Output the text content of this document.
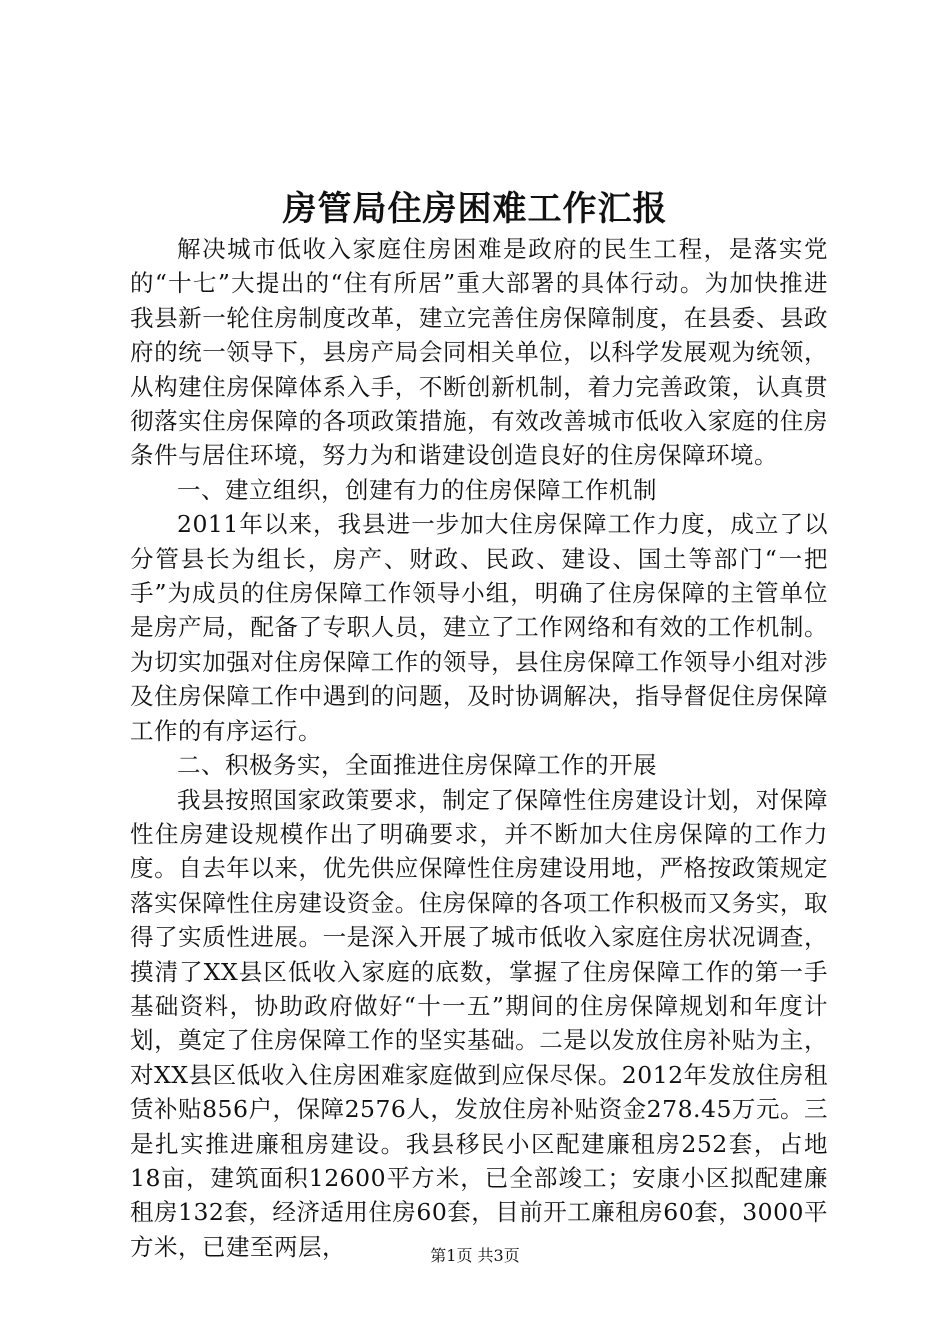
房管局住房困难工作汇报

解决城市低收入家庭住房困难是政府的民生工程，是落实党的“十七”大提出的“住有所居”重大部署的具体行动。为加快推进我县新一轮住房制度改革，建立完善住房保障制度，在县委、县政府的统一领导下，县房产局会同相关单位，以科学发展观为统领，从构建住房保障体系入手，不断创新机制，着力完善政策，认真贯彻落实住房保障的各项政策措施，有效改善城市低收入家庭的住房条件与居住环境，努力为和谐建设创造良好的住房保障环境。

一、建立组织，创建有力的住房保障工作机制

2011年以来，我县进一步加大住房保障工作力度，成立了以分管县长为组长，房产、财政、民政、建设、国土等部门“一把手”为成员的住房保障工作领导小组，明确了住房保障的主管单位是房产局，配备了专职人员，建立了工作网络和有效的工作机制。为切实加强对住房保障工作的领导，县住房保障工作领导小组对涉及住房保障工作中遇到的问题，及时协调解决，指导督促住房保障工作的有序运行。

二、积极务实，全面推进住房保障工作的开展

我县按照国家政策要求，制定了保障性住房建设计划，对保障性住房建设规模作出了明确要求，并不断加大住房保障的工作力度。自去年以来，优先供应保障性住房建设用地，严格按政策规定落实保障性住房建设资金。住房保障的各项工作积极而又务实，取得了实质性进展。一是深入开展了城市低收入家庭住房状况调查，摸清了XX县区低收入家庭的底数，掌握了住房保障工作的第一手基础资料，协助政府做好“十一五”期间的住房保障规划和年度计划，奠定了住房保障工作的坚实基础。二是以发放住房补贴为主，对XX县区低收入住房困难家庭做到应保尽保。2012年发放住房租赁补贴856户，保障2576人，发放住房补贴资金278.45万元。三是扎实推进廉租房建设。我县移民小区配建廉租房252套，占地18亩，建筑面积12600平方米，已全部竣工；安康小区拟配建廉租房132套，经济适用住房60套，目前开工廉租房60套，3000平方米，已建至两层，	第1页 共3页
